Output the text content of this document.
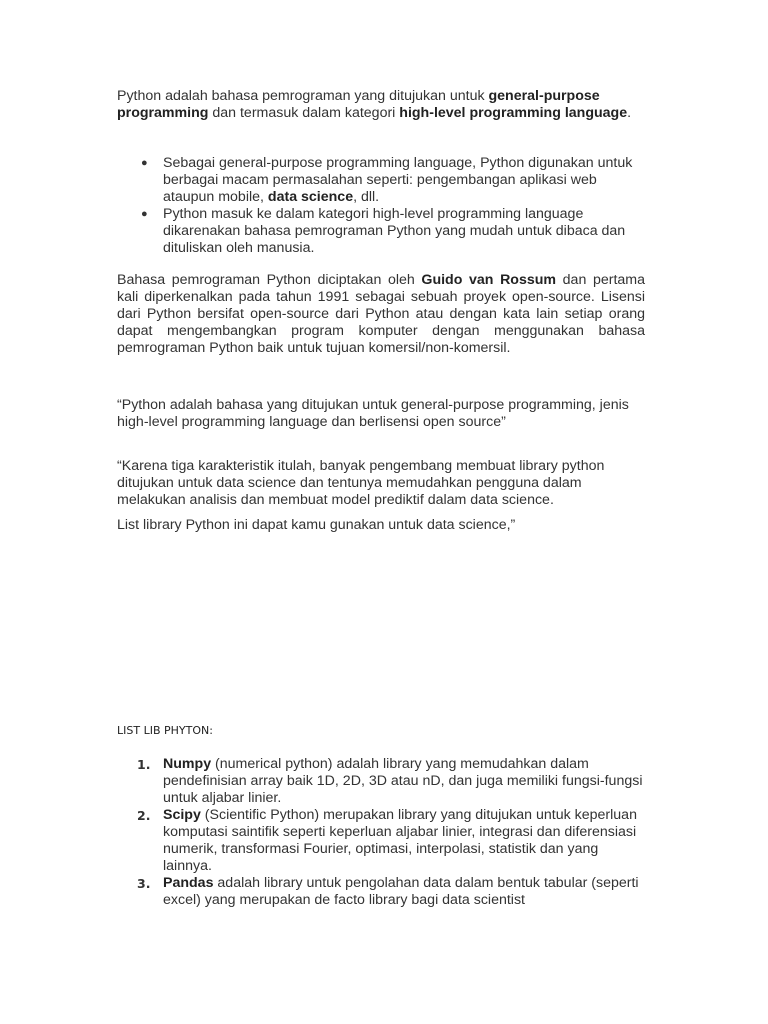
Python adalah bahasa pemrograman yang ditujukan untuk general-purpose programming dan termasuk dalam kategori high-level programming language.

● Sebagai general-purpose programming language, Python digunakan untuk berbagai macam permasalahan seperti: pengembangan aplikasi web ataupun mobile, data science, dll.
● Python masuk ke dalam kategori high-level programming language dikarenakan bahasa pemrograman Python yang mudah untuk dibaca dan dituliskan oleh manusia.

Bahasa pemrograman Python diciptakan oleh Guido van Rossum dan pertama kali diperkenalkan pada tahun 1991 sebagai sebuah proyek open-source. Lisensi dari Python bersifat open-source dari Python atau dengan kata lain setiap orang dapat mengembangkan program komputer dengan menggunakan bahasa pemrograman Python baik untuk tujuan komersil/non-komersil.

“Python adalah bahasa yang ditujukan untuk general-purpose programming, jenis high-level programming language dan berlisensi open source”

“Karena tiga karakteristik itulah, banyak pengembang membuat library python ditujukan untuk data science dan tentunya memudahkan pengguna dalam melakukan analisis dan membuat model prediktif dalam data science.

List library Python ini dapat kamu gunakan untuk data science,”

LIST LIB PHYTON:

1. Numpy (numerical python) adalah library yang memudahkan dalam pendefinisian array baik 1D, 2D, 3D atau nD, dan juga memiliki fungsi-fungsi untuk aljabar linier.
2. Scipy (Scientific Python) merupakan library yang ditujukan untuk keperluan komputasi saintifik seperti keperluan aljabar linier, integrasi dan diferensiasi numerik, transformasi Fourier, optimasi, interpolasi, statistik dan yang lainnya.
3. Pandas adalah library untuk pengolahan data dalam bentuk tabular (seperti excel) yang merupakan de facto library bagi data scientist
